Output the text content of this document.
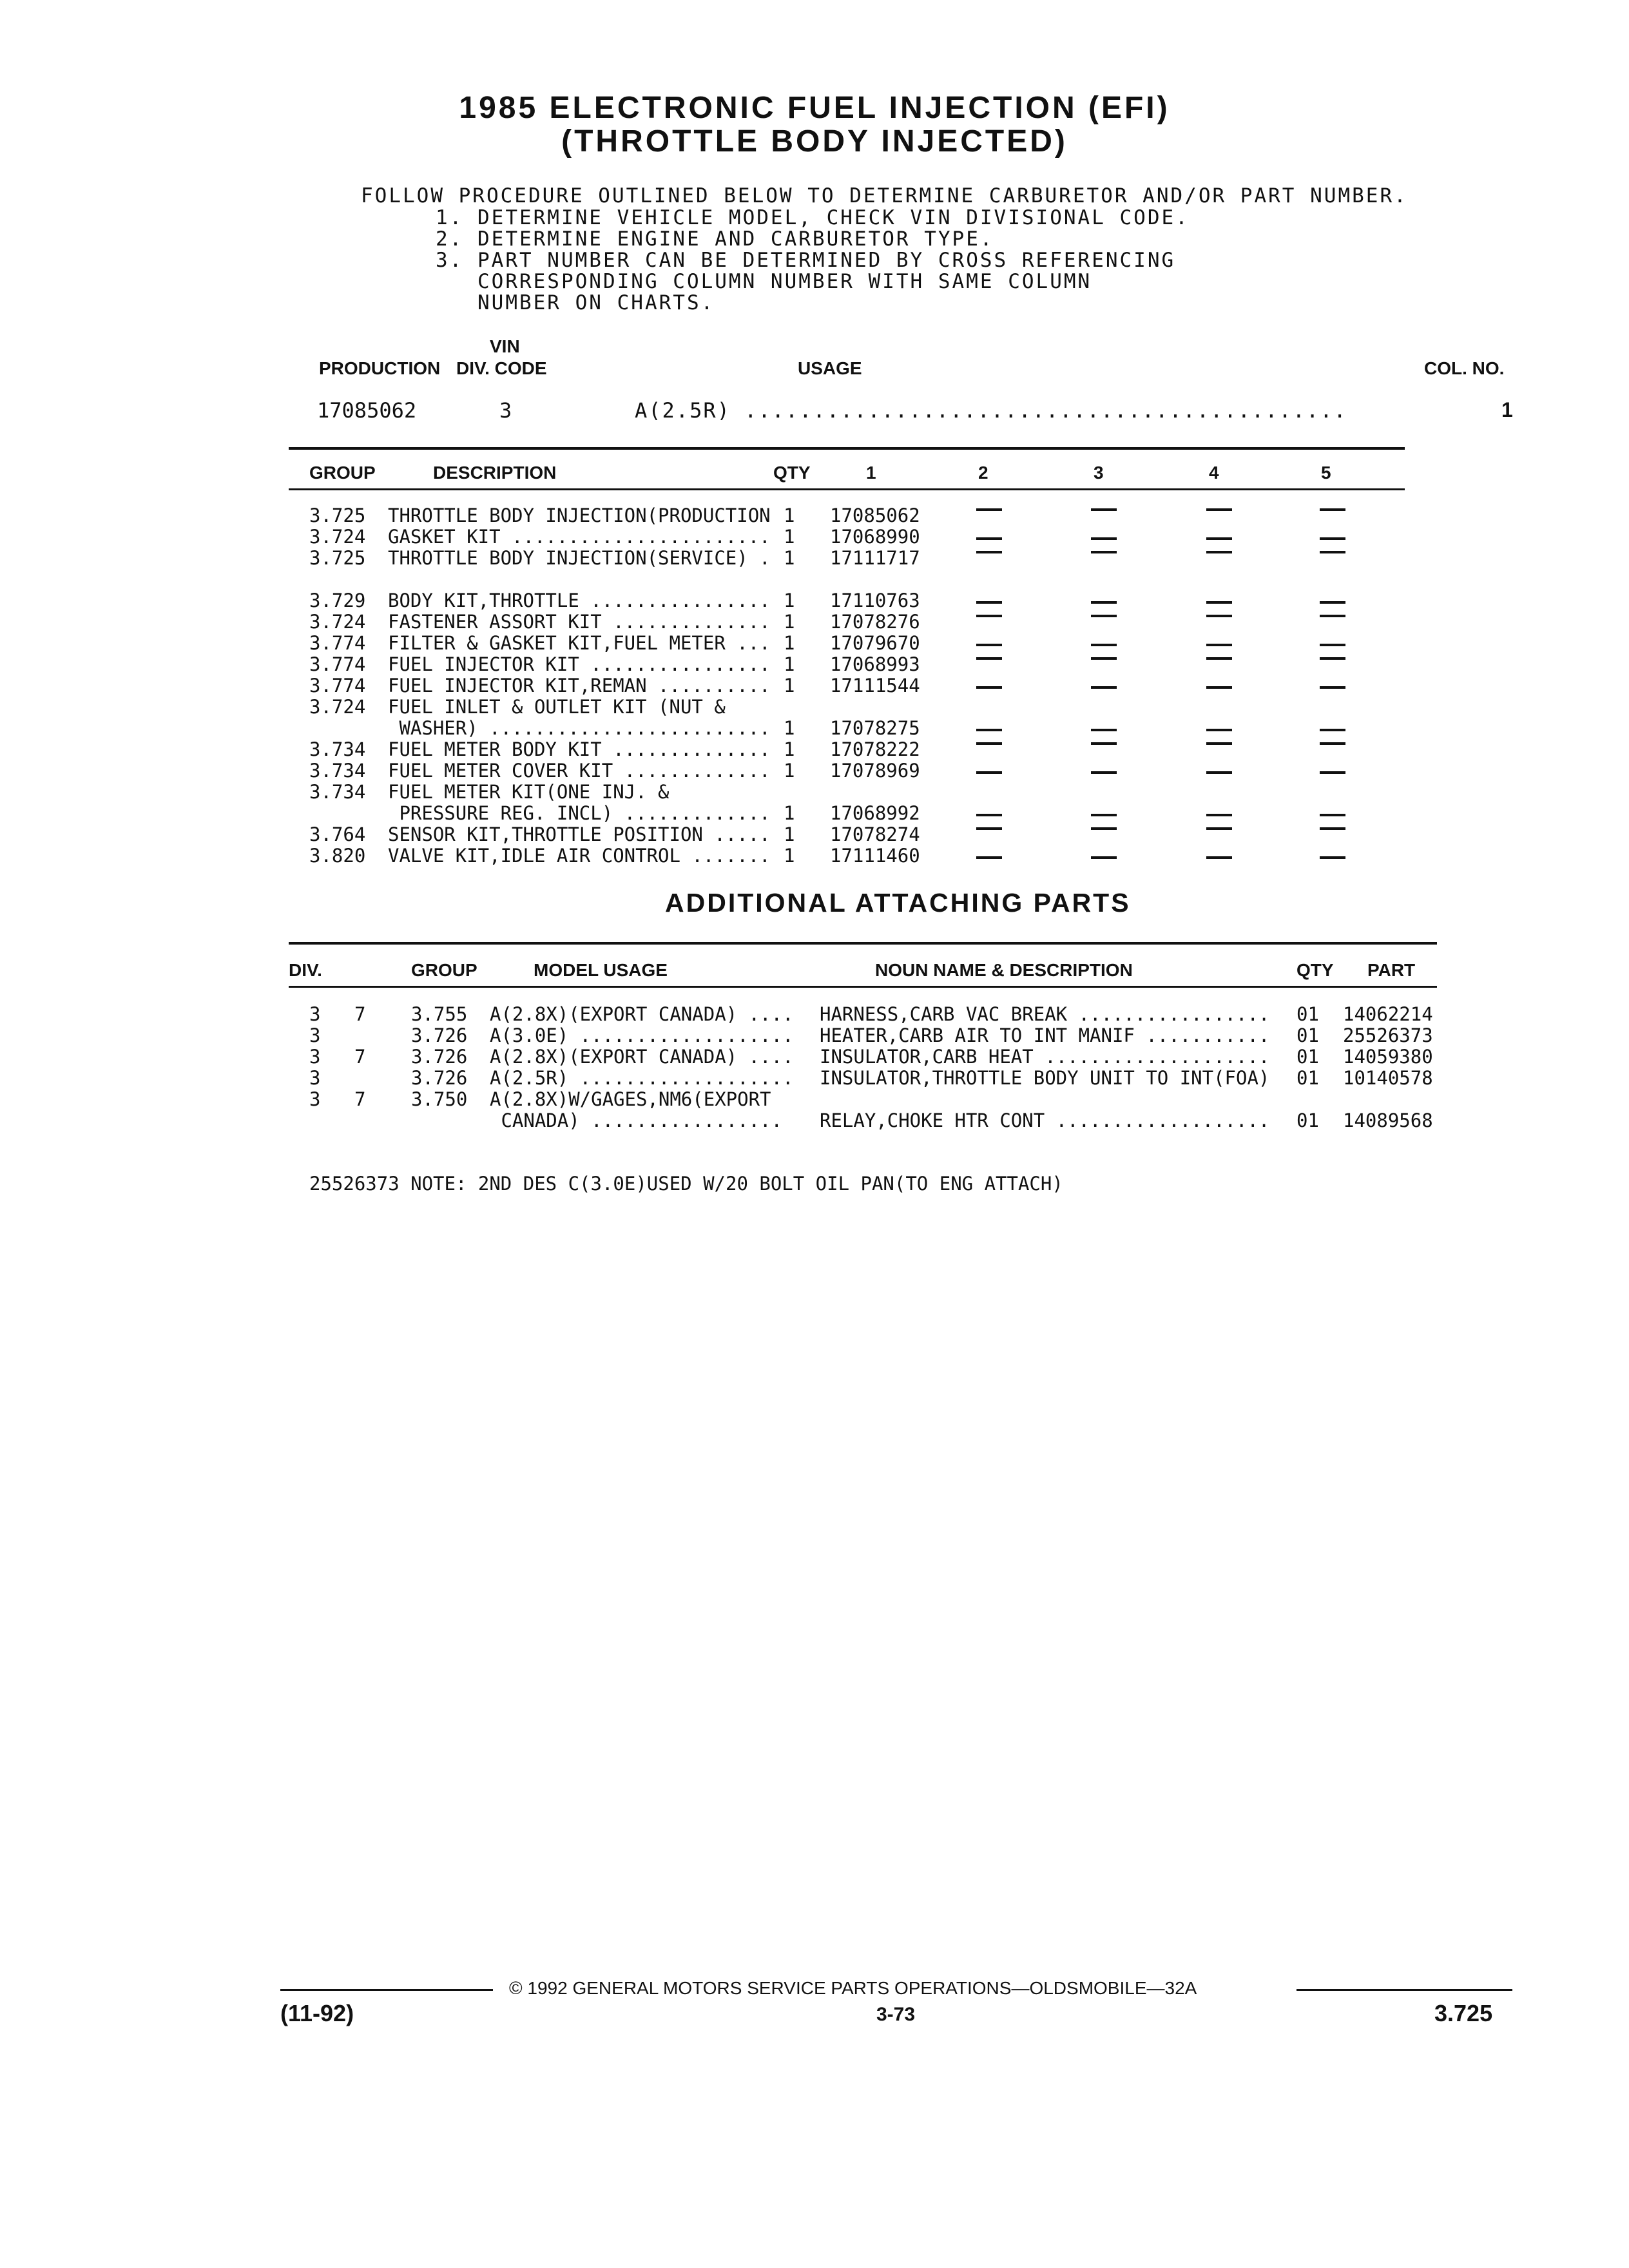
1985 ELECTRONIC FUEL INJECTION (EFI)
(THROTTLE BODY INJECTED)
FOLLOW PROCEDURE OUTLINED BELOW TO DETERMINE CARBURETOR AND/OR PART NUMBER.
1. DETERMINE VEHICLE MODEL, CHECK VIN DIVISIONAL CODE.
2. DETERMINE ENGINE AND CARBURETOR TYPE.
3. PART NUMBER CAN BE DETERMINED BY CROSS REFERENCING
CORRESPONDING COLUMN NUMBER WITH SAME COLUMN
NUMBER ON CHARTS.
VIN
PRODUCTION DIV. CODE	USAGE	COL. NO.
17085062	3	A(2.5R) ............................................	1
GROUP	DESCRIPTION	QTY	1	2	3	4	5
3.725 THROTTLE BODY INJECTION(PRODUCTION 1 17085062
3.724 GASKET KIT ....................... 1 17068990
3.725 THROTTLE BODY INJECTION(SERVICE) . 1 17111717
3.729 BODY KIT,THROTTLE ................ 1 17110763
3.724 FASTENER ASSORT KIT .............. 1 17078276
3.774 FILTER & GASKET KIT,FUEL METER ... 1 17079670
3.774 FUEL INJECTOR KIT ................ 1 17068993
3.774 FUEL INJECTOR KIT,REMAN .......... 1 17111544
3.724 FUEL INLET & OUTLET KIT (NUT &
WASHER) ......................... 1 17078275
3.734 FUEL METER BODY KIT .............. 1 17078222
3.734 FUEL METER COVER KIT ............. 1 17078969
3.734 FUEL METER KIT(ONE INJ. &
PRESSURE REG. INCL) ............. 1 17068992
3.764 SENSOR KIT,THROTTLE POSITION ..... 1 17078274
3.820 VALVE KIT,IDLE AIR CONTROL ....... 1 17111460
ADDITIONAL ATTACHING PARTS
DIV.	GROUP	MODEL USAGE	NOUN NAME & DESCRIPTION	QTY PART
3 7 3.755 A(2.8X)(EXPORT CANADA) .... HARNESS,CARB VAC BREAK ................. 01 14062214
3	3.726 A(3.0E) ................... HEATER,CARB AIR TO INT MANIF ........... 01 25526373
3 7 3.726 A(2.8X)(EXPORT CANADA) .... INSULATOR,CARB HEAT .................... 01 14059380
3	3.726 A(2.5R) ................... INSULATOR,THROTTLE BODY UNIT TO INT(FOA) 01 10140578
3 7 3.750 A(2.8X)W/GAGES,NM6(EXPORT
CANADA) ................. RELAY,CHOKE HTR CONT ................... 01 14089568
25526373 NOTE: 2ND DES C(3.0E)USED W/20 BOLT OIL PAN(TO ENG ATTACH)
© 1992 GENERAL MOTORS SERVICE PARTS OPERATIONS—OLDSMOBILE—32A
(11-92)	3-73	3.725
